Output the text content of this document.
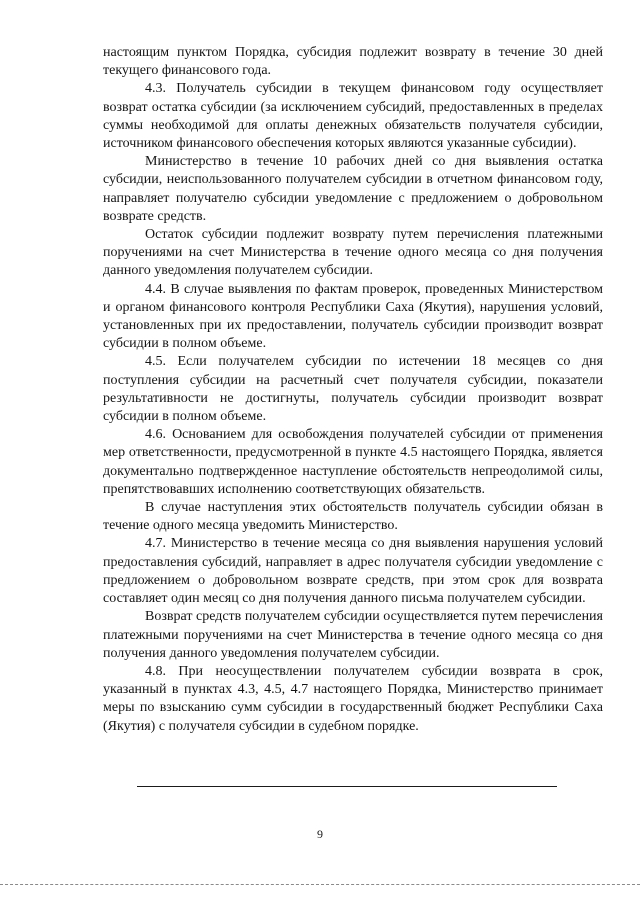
настоящим пунктом Порядка, субсидия подлежит возврату в течение 30 дней текущего финансового года.

4.3. Получатель субсидии в текущем финансовом году осуществляет возврат остатка субсидии (за исключением субсидий, предоставленных в пределах суммы необходимой для оплаты денежных обязательств получателя субсидии, источником финансового обеспечения которых являются указанные субсидии).

Министерство в течение 10 рабочих дней со дня выявления остатка субсидии, неиспользованного получателем субсидии в отчетном финансовом году, направляет получателю субсидии уведомление с предложением о добровольном возврате средств.

Остаток субсидии подлежит возврату путем перечисления платежными поручениями на счет Министерства в течение одного месяца со дня получения данного уведомления получателем субсидии.

4.4. В случае выявления по фактам проверок, проведенных Министерством и органом финансового контроля Республики Саха (Якутия), нарушения условий, установленных при их предоставлении, получатель субсидии производит возврат субсидии в полном объеме.

4.5. Если получателем субсидии по истечении 18 месяцев со дня поступления субсидии на расчетный счет получателя субсидии, показатели результативности не достигнуты, получатель субсидии производит возврат субсидии в полном объеме.

4.6. Основанием для освобождения получателей субсидии от применения мер ответственности, предусмотренной в пункте 4.5 настоящего Порядка, является документально подтвержденное наступление обстоятельств непреодолимой силы, препятствовавших исполнению соответствующих обязательств.

В случае наступления этих обстоятельств получатель субсидии обязан в течение одного месяца уведомить Министерство.

4.7. Министерство в течение месяца со дня выявления нарушения условий предоставления субсидий, направляет в адрес получателя субсидии уведомление с предложением о добровольном возврате средств, при этом срок для возврата составляет один месяц со дня получения данного письма получателем субсидии.

Возврат средств получателем субсидии осуществляется путем перечисления платежными поручениями на счет Министерства в течение одного месяца со дня получения данного уведомления получателем субсидии.

4.8. При неосуществлении получателем субсидии возврата в срок, указанный в пунктах 4.3, 4.5, 4.7 настоящего Порядка, Министерство принимает меры по взысканию сумм субсидии в государственный бюджет Республики Саха (Якутия) с получателя субсидии в судебном порядке.

9
